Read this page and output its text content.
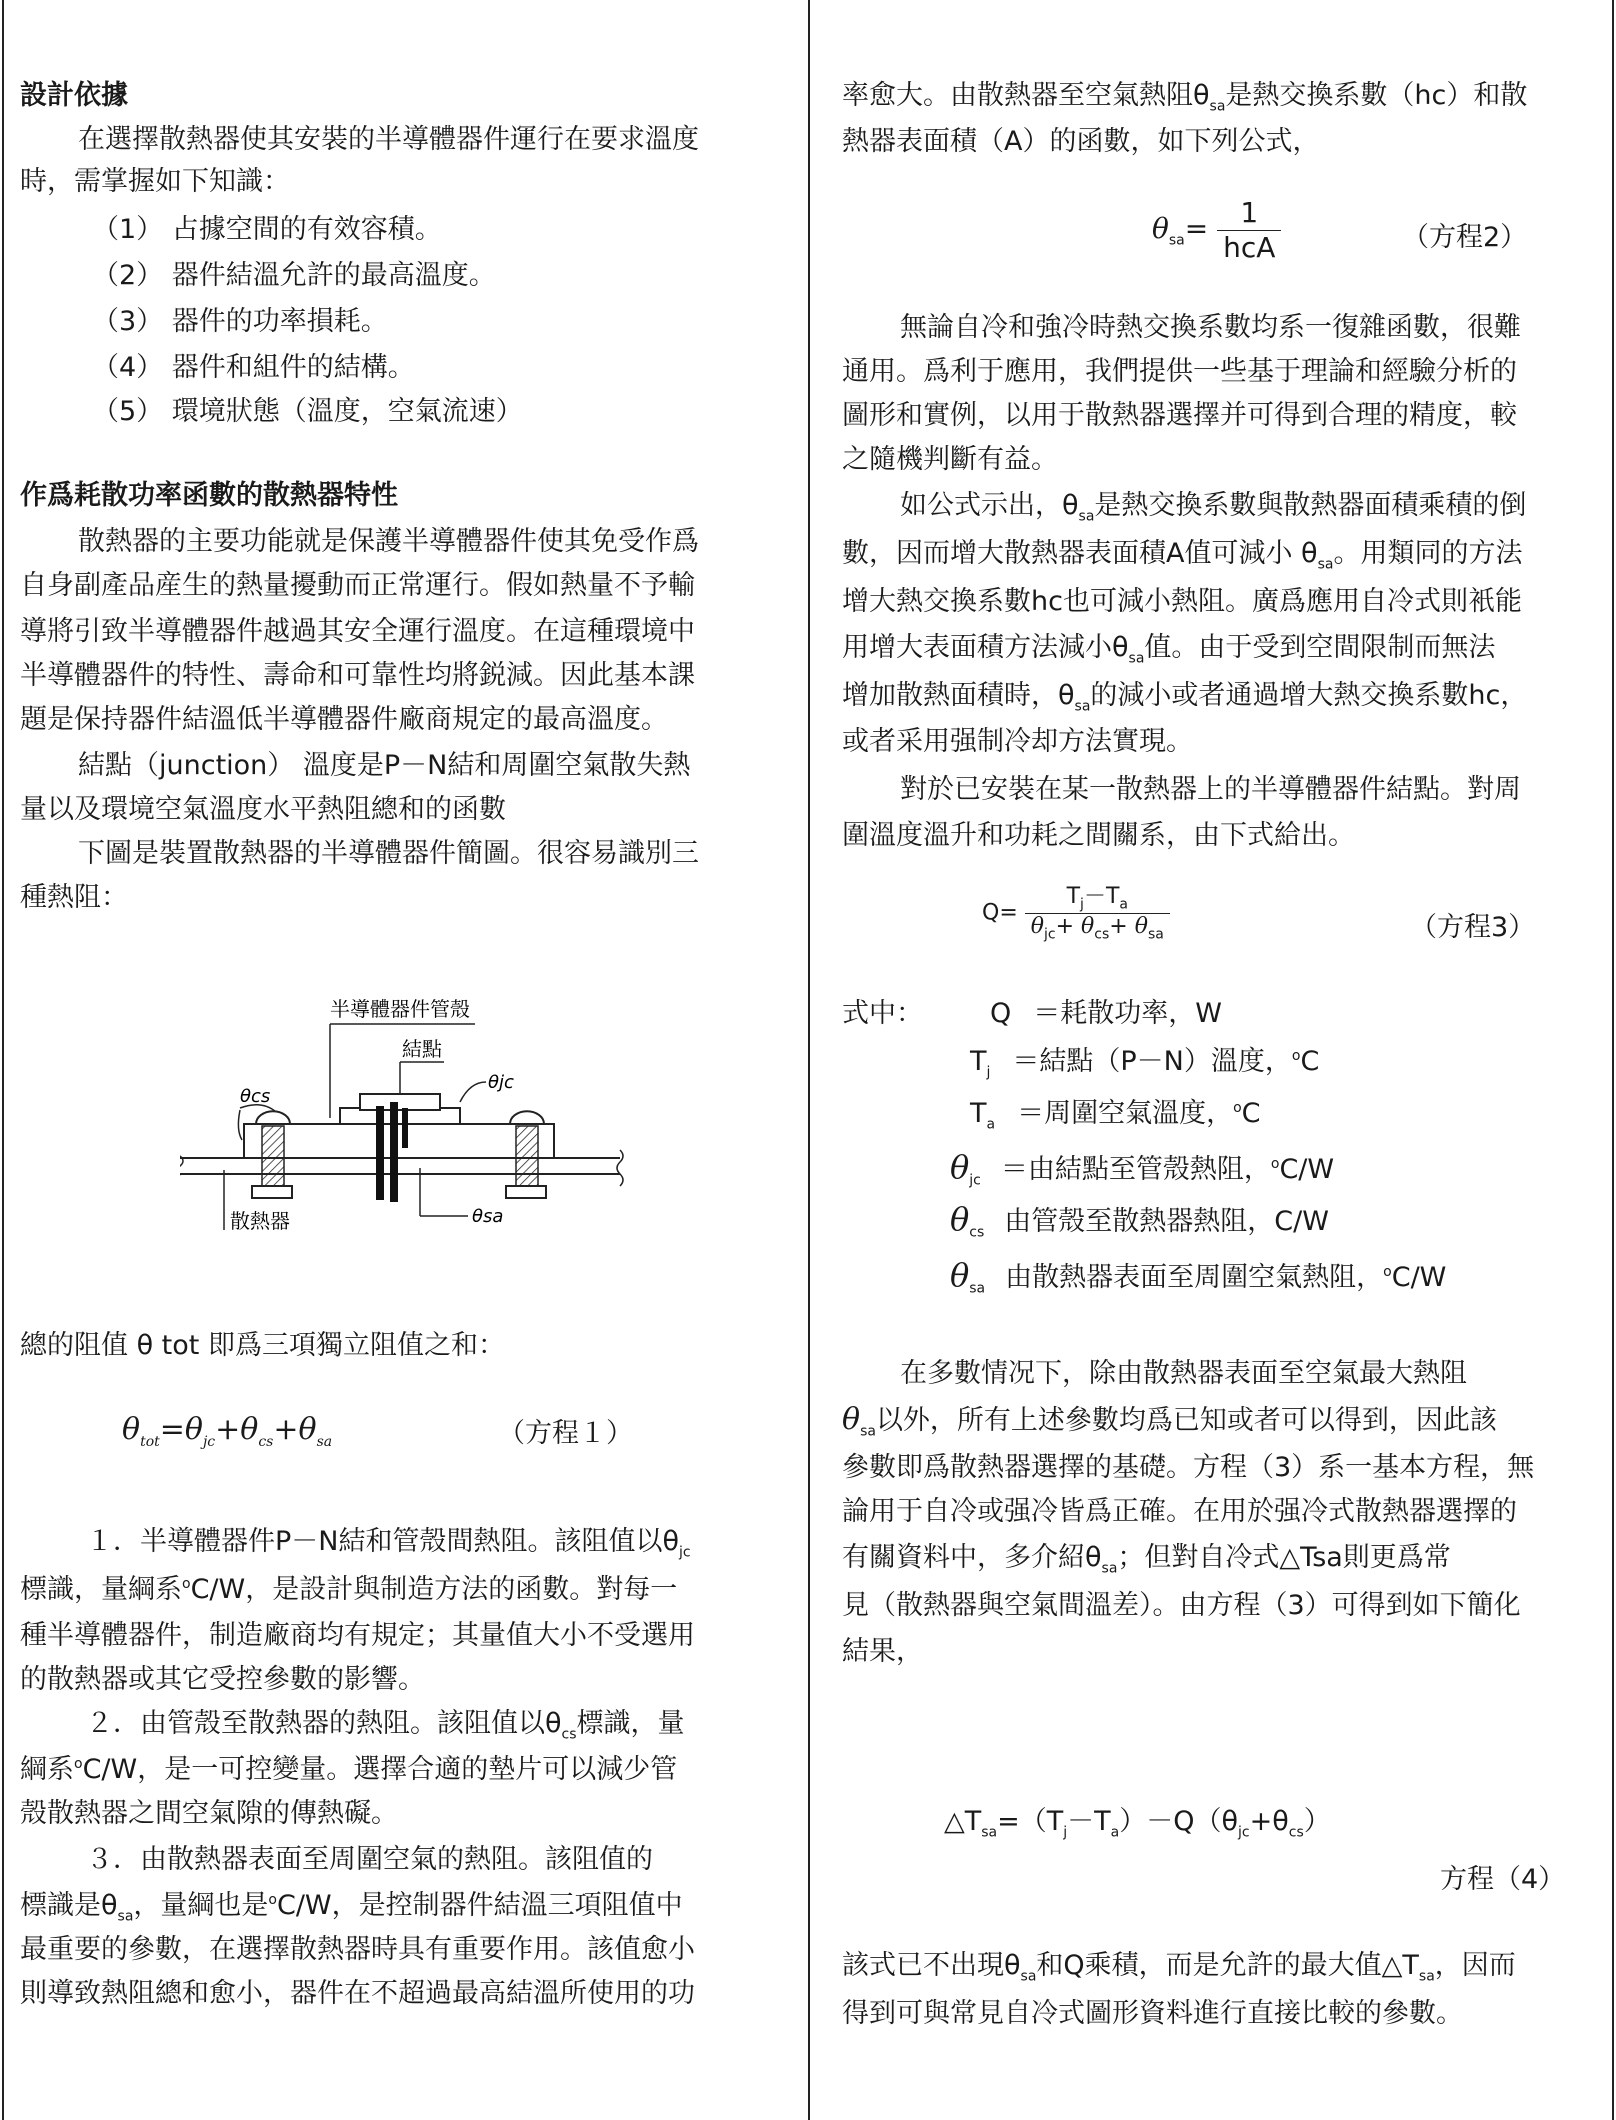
設計依據
在選擇散熱器使其安裝的半導體器件運行在要求溫度
時，需掌握如下知識：
（1） 占據空間的有效容積。
（2） 器件結溫允許的最高溫度。
（3） 器件的功率損耗。
（4） 器件和組件的結構。
（5） 環境狀態（溫度，空氣流速）
作爲耗散功率函數的散熱器特性
散熱器的主要功能就是保護半導體器件使其免受作爲
自身副產品産生的熱量擾動而正常運行。假如熱量不予輸
導將引致半導體器件越過其安全運行溫度。在這種環境中
半導體器件的特性、壽命和可靠性均將鋭減。因此基本課
題是保持器件結溫低半導體器件廠商規定的最高溫度。
結點（junction） 溫度是P－N結和周圍空氣散失熱
量以及環境空氣溫度水平熱阻總和的函數
下圖是裝置散熱器的半導體器件簡圖。很容易識別三
種熱阻：
半導體器件管殼
結點
θjc
θcs
散熱器	θsa
總的阻值 θ tot 即爲三項獨立阻值之和：
$\theta_{tot}=\theta_{jc}+\theta_{cs}+\theta_{sa}$	（方程１）
１．半導體器件P－N結和管殼間熱阻。該阻值以$\theta_{jc}$
標識，量綱系$^o$C/W，是設計與制造方法的函數。對每一
種半導體器件，制造廠商均有規定；其量值大小不受選用
的散熱器或其它受控參數的影響。
２．由管殼至散熱器的熱阻。該阻值以$\theta_{cs}$標識，量
綱系$^o$C/W，是一可控變量。選擇合適的墊片可以減少管
殼散熱器之間空氣隙的傳熱礙。
３．由散熱器表面至周圍空氣的熱阻。該阻值的
標識是$\theta_{sa}$，量綱也是$^o$C/W，是控制器件結溫三項阻值中
最重要的參數，在選擇散熱器時具有重要作用。該值愈小
則導致熱阻總和愈小，器件在不超過最高結溫所使用的功
率愈大。由散熱器至空氣熱阻$\theta_{sa}$是熱交換系數（hc）和散
熱器表面積（A）的函數，如下列公式，
$\theta_{sa}= \frac{1}{\text{hcA}}$	（方程2）
無論自冷和強冷時熱交換系數均系一復雜函數，很難
通用。爲利于應用，我們提供一些基于理論和經驗分析的
圖形和實例，以用于散熱器選擇并可得到合理的精度，較
之隨機判斷有益。
如公式示出，$\theta_{sa}$是熱交換系數與散熱器面積乘積的倒
數，因而增大散熱器表面積A值可減小 $\theta_{sa}$。用類同的方法
增大熱交換系數hc也可減小熱阻。廣爲應用自冷式則衹能
用增大表面積方法減小$\theta_{sa}$值。由于受到空間限制而無法
增加散熱面積時，$\theta_{sa}$的減小或者通過增大熱交換系數hc，
或者采用强制冷却方法實現。
對於已安裝在某一散熱器上的半導體器件結點。對周
圍溫度溫升和功耗之間關系，由下式給出。
$Q= \frac{T_j-T_a}{\theta_{jc}+ \theta_{cs}+ \theta_{sa}}$	（方程3）
式中： Q ＝耗散功率，W
$T_j$ ＝結點（P－N）溫度，$^o$C
$T_a$ ＝周圍空氣溫度，$^o$C
$\theta_{jc}$ ＝由結點至管殼熱阻，$^o$C/W
$\theta_{cs}$ 由管殼至散熱器熱阻，C/W
$\theta_{sa}$ 由散熱器表面至周圍空氣熱阻，$^o$C/W
在多數情况下，除由散熱器表面至空氣最大熱阻
$\theta_{sa}$以外，所有上述參數均爲已知或者可以得到，因此該
參數即爲散熱器選擇的基礎。方程（3）系一基本方程，無
論用于自冷或强冷皆爲正確。在用於强冷式散熱器選擇的
有關資料中，多介紹$\theta_{sa}$；但對自冷式△Tsa則更爲常
見（散熱器與空氣間溫差）。由方程（3）可得到如下簡化
結果，
$\triangle T_{sa}=(T_j-T_a)-Q(\theta_{jc}+\theta_{cs})$
方程（4）
該式已不出現$\theta_{sa}$和Q乘積，而是允許的最大值$\triangle T_{sa}$，因而
得到可與常見自冷式圖形資料進行直接比較的參數。
